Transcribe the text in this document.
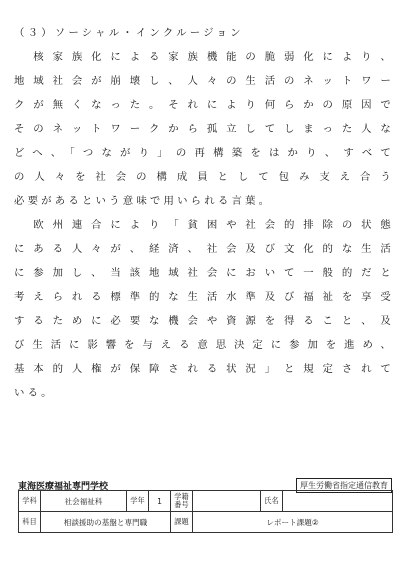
（３）ソーシャル・インクルージョン
　核家族化による家族機能の脆弱化により、
地域社会が崩壊し、人々の生活のネットワー
クが無くなった。それにより何らかの原因で
そのネットワークから孤立してしまった人な
どへ、「つながり」の再構築をはかり、すべて
の人々を社会の構成員として包み支え合う
必要があるという意味で用いられる言葉。
　欧州連合により「貧困や社会的排除の状態
にある人々が、経済、社会及び文化的な生活
に参加し、当該地域社会において一般的だと
考えられる標準的な生活水準及び福祉を享受
するために必要な機会や資源を得ること、及
び生活に影響を与える意思決定に参加を進め、
基本的人権が保障される状況」と規定されて
いる。
東海医療福祉専門学校	厚生労働省指定通信教育
学科	社会福祉科	学年	1	学籍番号		氏名	

科目	相談援助の基盤と専門職			課題	レポート課題②		
